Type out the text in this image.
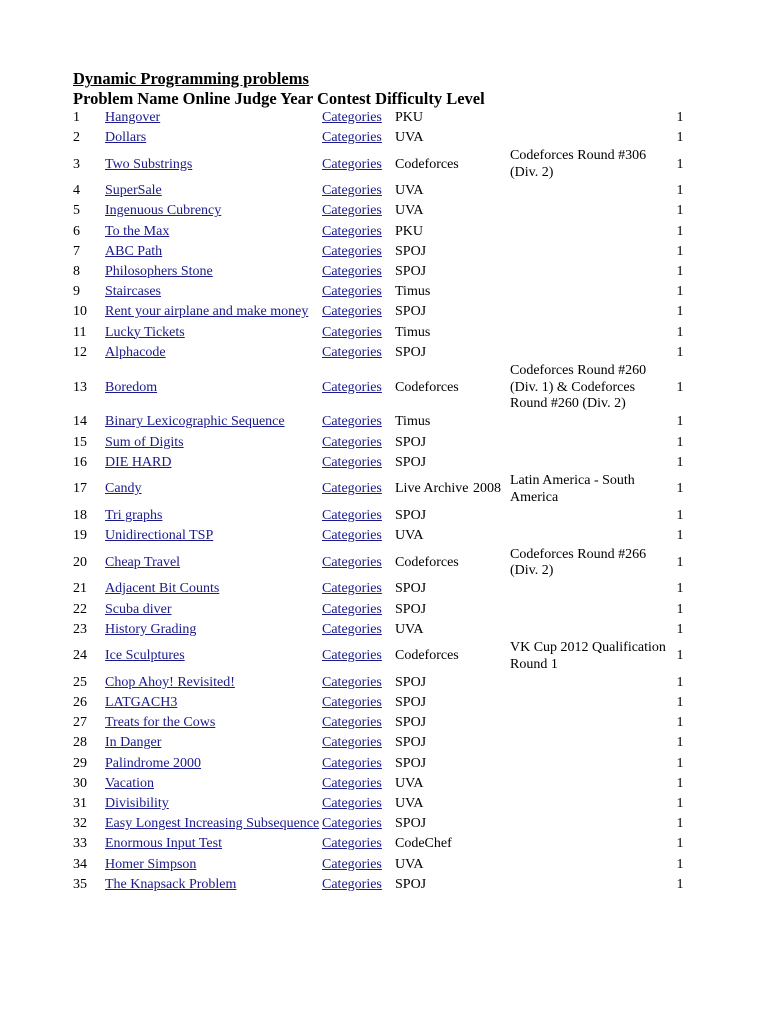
Dynamic Programming problems
Problem Name Online Judge Year Contest Difficulty Level
1	Hangover	Categories	PKU			1
2	Dollars	Categories	UVA			1
3	Two Substrings	Categories	Codeforces		Codeforces Round #306 (Div. 2)	1
4	SuperSale	Categories	UVA			1
5	Ingenuous Cubrency	Categories	UVA			1
6	To the Max	Categories	PKU			1
7	ABC Path	Categories	SPOJ			1
8	Philosophers Stone	Categories	SPOJ			1
9	Staircases	Categories	Timus			1
10	Rent your airplane and make money	Categories	SPOJ			1
11	Lucky Tickets	Categories	Timus			1
12	Alphacode	Categories	SPOJ			1
13	Boredom	Categories	Codeforces		Codeforces Round #260 (Div. 1) & Codeforces Round #260 (Div. 2)	1
14	Binary Lexicographic Sequence	Categories	Timus			1
15	Sum of Digits	Categories	SPOJ			1
16	DIE HARD	Categories	SPOJ			1
17	Candy	Categories	Live Archive	2008	Latin America - South America	1
18	Tri graphs	Categories	SPOJ			1
19	Unidirectional TSP	Categories	UVA			1
20	Cheap Travel	Categories	Codeforces		Codeforces Round #266 (Div. 2)	1
21	Adjacent Bit Counts	Categories	SPOJ			1
22	Scuba diver	Categories	SPOJ			1
23	History Grading	Categories	UVA			1
24	Ice Sculptures	Categories	Codeforces		VK Cup 2012 Qualification Round 1	1
25	Chop Ahoy! Revisited!	Categories	SPOJ			1
26	LATGACH3	Categories	SPOJ			1
27	Treats for the Cows	Categories	SPOJ			1
28	In Danger	Categories	SPOJ			1
29	Palindrome 2000	Categories	SPOJ			1
30	Vacation	Categories	UVA			1
31	Divisibility	Categories	UVA			1
32	Easy Longest Increasing Subsequence	Categories	SPOJ			1
33	Enormous Input Test	Categories	CodeChef			1
34	Homer Simpson	Categories	UVA			1
35	The Knapsack Problem	Categories	SPOJ			1
